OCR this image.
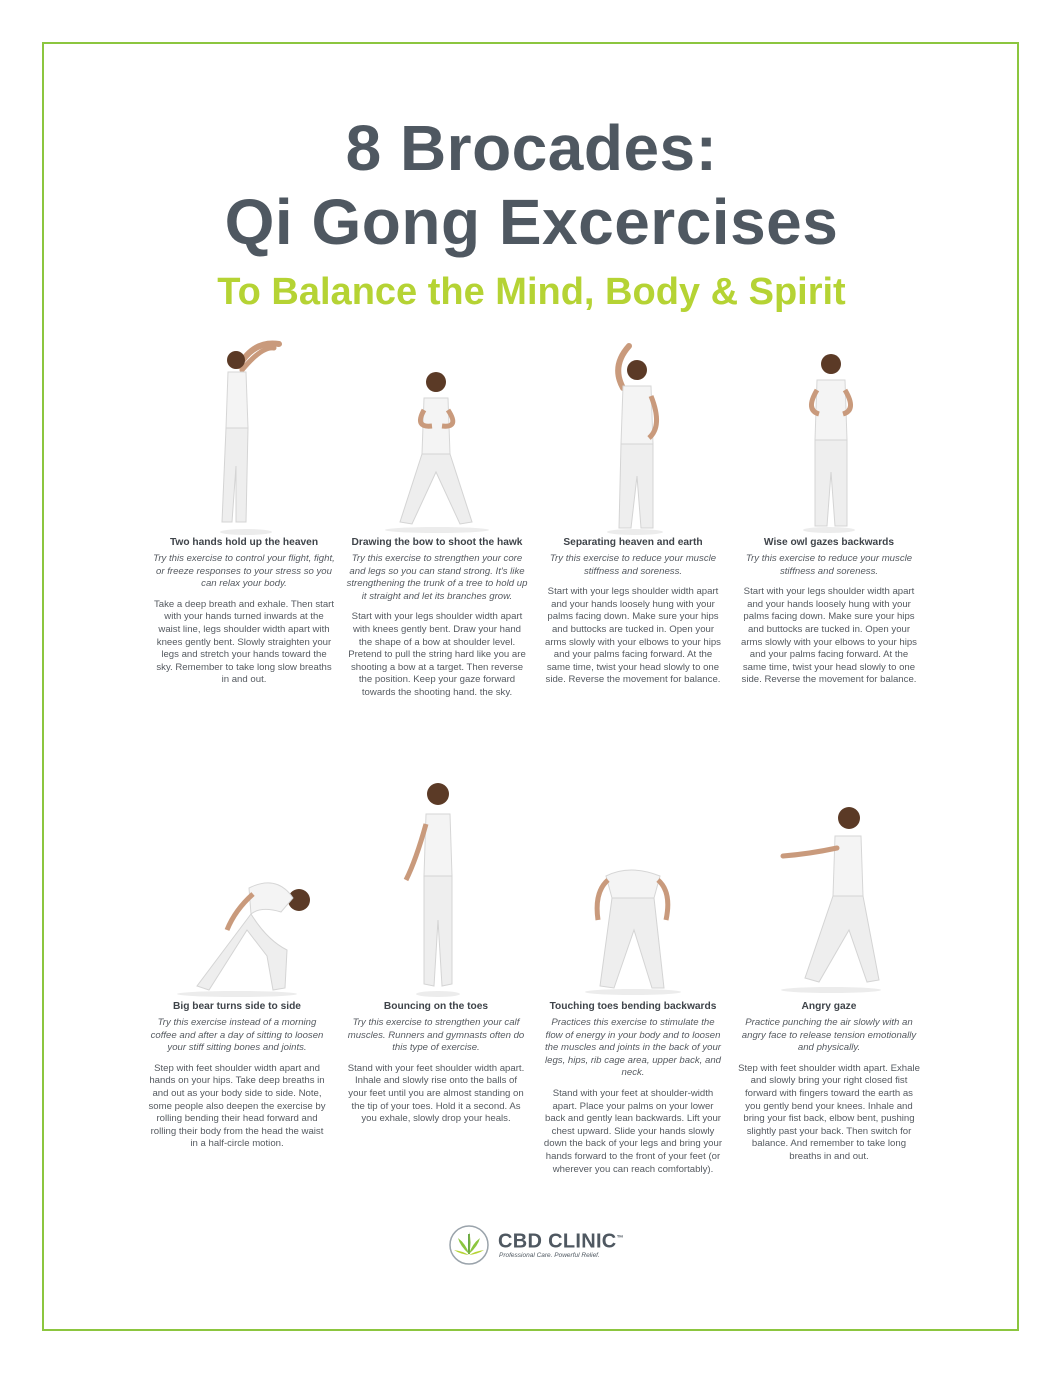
8 Brocades:
Qi Gong Excercises
To Balance the Mind, Body & Spirit
Two hands hold up the heaven

Try this exercise to control your flight, fight, or freeze responses to your stress so you can relax your body.

Take a deep breath and exhale. Then start with your hands turned inwards at the waist line, legs shoulder width apart with knees gently bent. Slowly straighten your legs and stretch your hands toward the sky. Remember to take long slow breaths in and out.

Drawing the bow to shoot the hawk

Try this exercise to strengthen your core and legs so you can stand strong. It's like strengthening the trunk of a tree to hold up it straight and let its branches grow.

Start with your legs shoulder width apart with knees gently bent. Draw your hand the shape of a bow at shoulder level. Pretend to pull the string hard like you are shooting a bow at a target. Then reverse the position. Keep your gaze forward towards the shooting hand. the sky.

Separating heaven and earth

Try this exercise to reduce your muscle stiffness and soreness.

Start with your legs shoulder width apart and your hands loosely hung with your palms facing down. Make sure your hips and buttocks are tucked in. Open your arms slowly with your elbows to your hips and your palms facing forward. At the same time, twist your head slowly to one side. Reverse the movement for balance.

Wise owl gazes backwards

Try this exercise to reduce your muscle stiffness and soreness.

Start with your legs shoulder width apart and your hands loosely hung with your palms facing down. Make sure your hips and buttocks are tucked in. Open your arms slowly with your elbows to your hips and your palms facing forward. At the same time, twist your head slowly to one side. Reverse the movement for balance.

Big bear turns side to side

Try this exercise instead of a morning coffee and after a day of sitting to loosen your stiff sitting bones and joints.

Step with feet shoulder width apart and hands on your hips. Take deep breaths in and out as your body side to side. Note, some people also deepen the exercise by rolling bending their head forward and rolling their body from the head the waist in a half-circle motion.

Bouncing on the toes

Try this exercise to strengthen your calf muscles. Runners and gymnasts often do this type of exercise.

Stand with your feet shoulder width apart. Inhale and slowly rise onto the balls of your feet until you are almost standing on the tip of your toes. Hold it a second. As you exhale, slowly drop your heals.

Touching toes bending backwards

Practices this exercise to stimulate the flow of energy in your body and to loosen the muscles and joints in the back of your legs, hips, rib cage area, upper back, and neck.

Stand with your feet at shoulder-width apart. Place your palms on your lower back and gently lean backwards. Lift your chest upward. Slide your hands slowly down the back of your legs and bring your hands forward to the front of your feet (or wherever you can reach comfortably).

Angry gaze

Practice punching the air slowly with an angry face to release tension emotionally and physically.

Step with feet shoulder width apart. Exhale and slowly bring your right closed fist forward with fingers toward the earth as you gently bend your knees. Inhale and bring your fist back, elbow bent, pushing slightly past your back. Then switch for balance. And remember to take long breaths in and out.

CBD CLINIC™
Professional Care. Powerful Relief.
